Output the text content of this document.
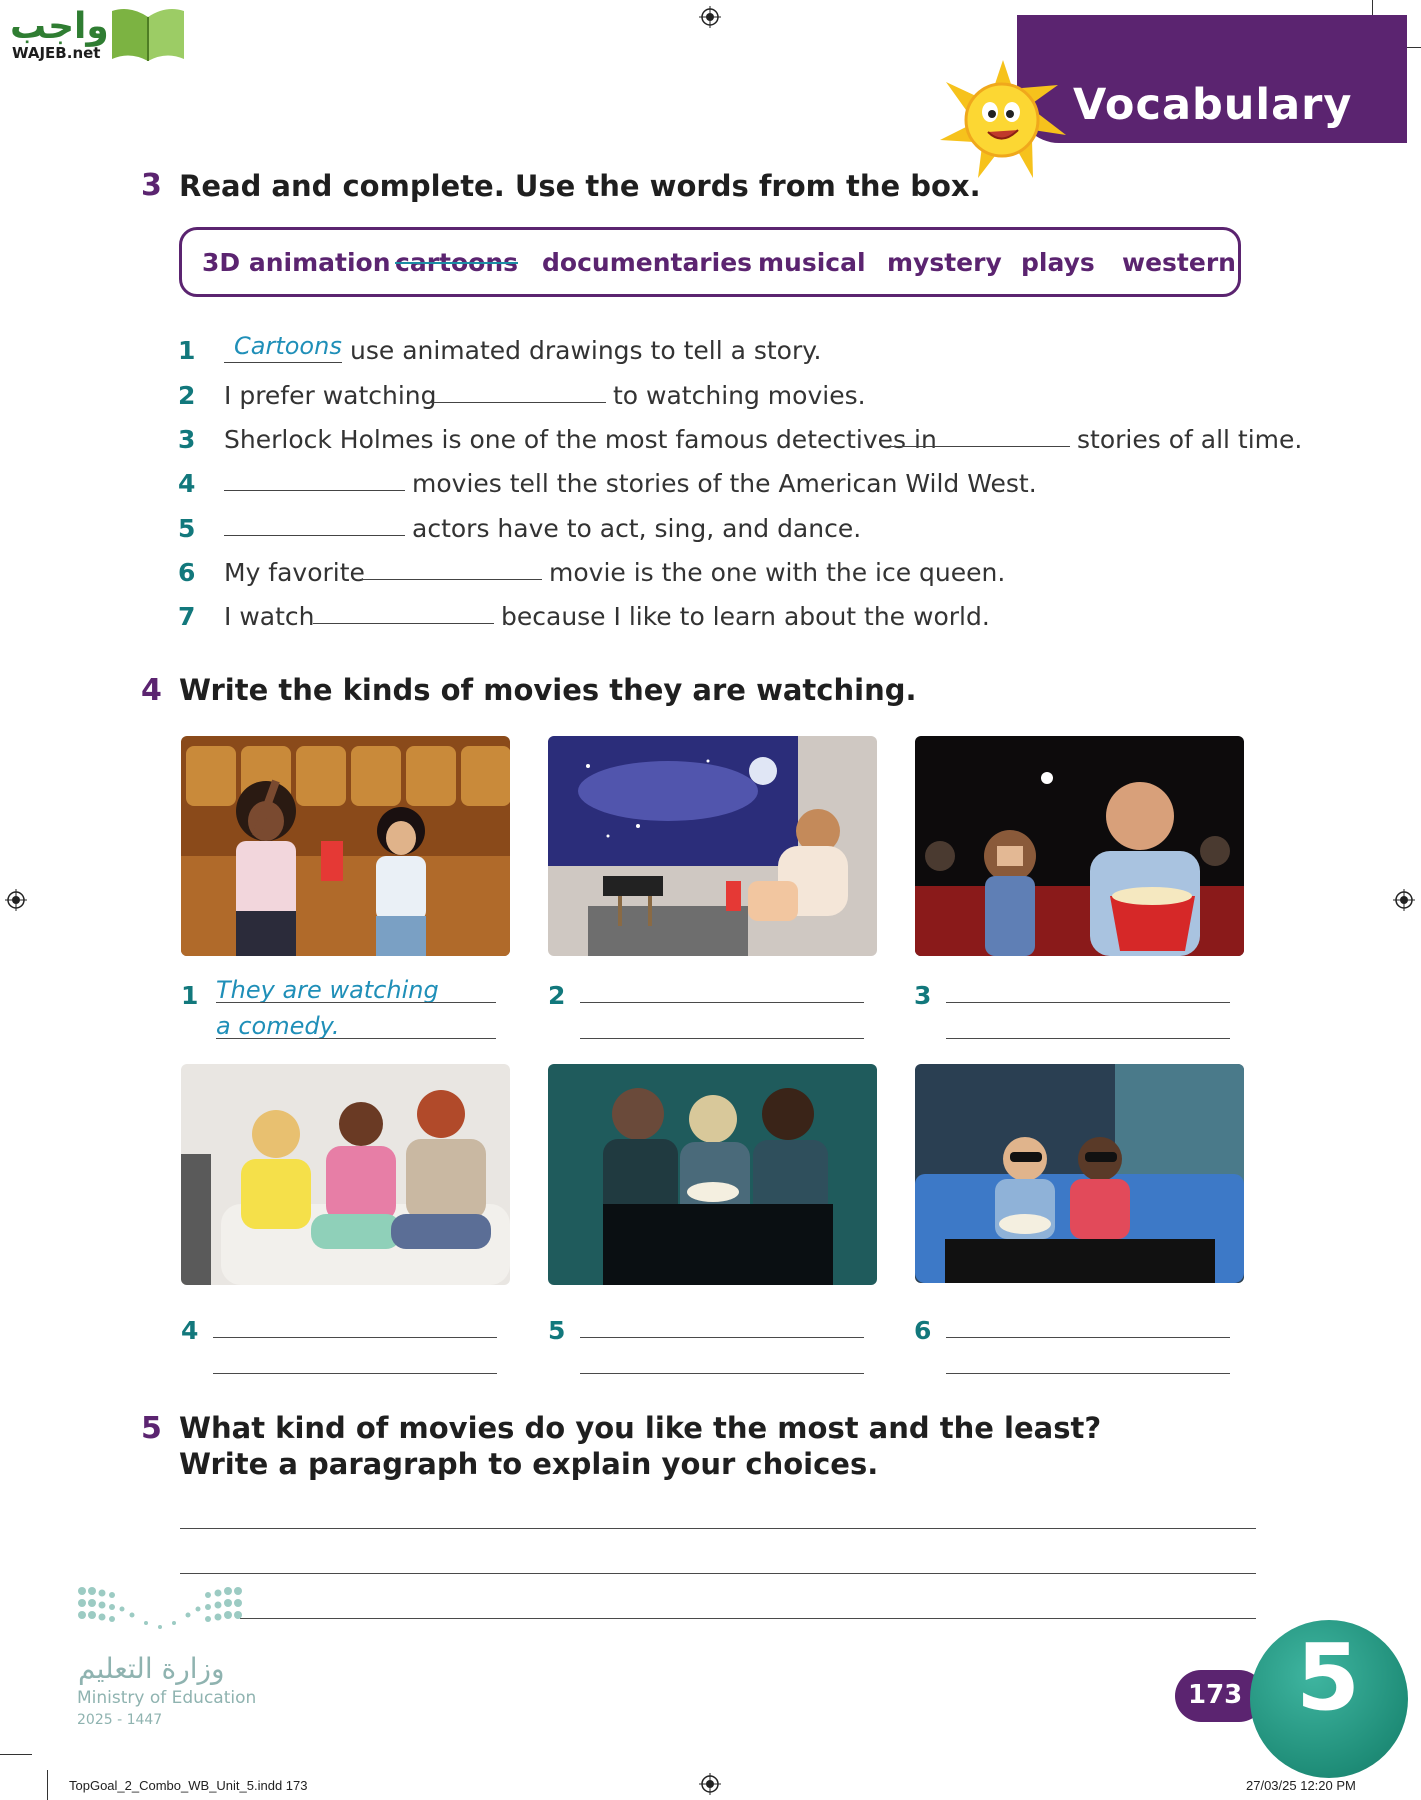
واجب
WAJEB.net
Vocabulary
3 Read and complete. Use the words from the box.
3D animation cartoons documentaries musical mystery plays western
1 Cartoons use animated drawings to tell a story.
2 I prefer watching	to watching movies.
3 Sherlock Holmes is one of the most famous detectives in	stories of all time.
4	movies tell the stories of the American Wild West.
5	actors have to act, sing, and dance.
6 My favorite	movie is the one with the ice queen.
7 I watch	because I like to learn about the world.
4 Write the kinds of movies they are watching.
1 They are watching
a comedy.
2	3
4	5	6
5 What kind of movies do you like the most and the least?
Write a paragraph to explain your choices.
وزارة التعليم
Ministry of Education
2025 - 1447
173 5
TopGoal_2_Combo_WB_Unit_5.indd 173	27/03/25 12:20 PM
